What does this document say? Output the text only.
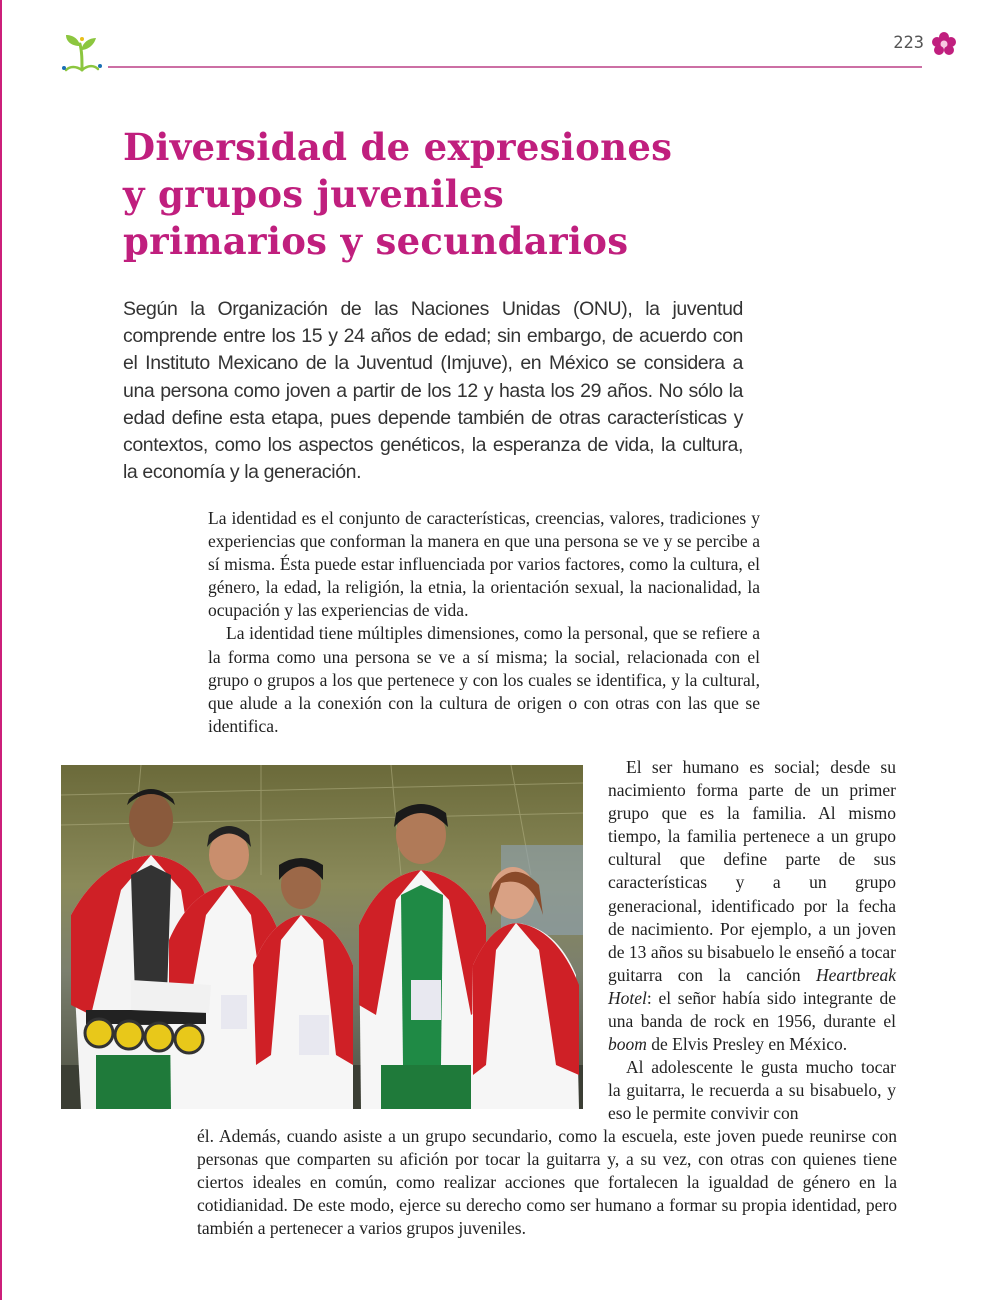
223
Diversidad de expresiones
y grupos juveniles
primarios y secundarios

Según la Organización de las Naciones Unidas (ONU), la juventud comprende entre los 15 y 24 años de edad; sin embargo, de acuerdo con el Instituto Mexicano de la Juventud (Imjuve), en México se considera a una persona como joven a partir de los 12 y hasta los 29 años. No sólo la edad define esta etapa, pues depende también de otras características y contextos, como los aspectos genéticos, la esperanza de vida, la cultura, la economía y la generación.

La identidad es el conjunto de características, creencias, valores, tradiciones y experiencias que conforman la manera en que una persona se ve y se percibe a sí misma. Ésta puede estar influenciada por varios factores, como la cultura, el género, la edad, la religión, la etnia, la orientación sexual, la nacionalidad, la ocupación y las experiencias de vida.

La identidad tiene múltiples dimensiones, como la personal, que se refiere a la forma como una persona se ve a sí misma; la social, relacionada con el grupo o grupos a los que pertenece y con los cuales se identifica, y la cultural, que alude a la conexión con la cultura de origen o con otras con las que se identifica.

El ser humano es social; desde su nacimiento forma parte de un primer grupo que es la familia. Al mismo tiempo, la familia pertenece a un grupo cultural que define parte de sus características y a un grupo generacional, identificado por la fecha de nacimiento. Por ejemplo, a un joven de 13 años su bisabuelo le enseñó a tocar guitarra con la canción Heartbreak Hotel: el señor había sido integrante de una banda de rock en 1956, durante el boom de Elvis Presley en México.

Al adolescente le gusta mucho tocar la guitarra, le recuerda a su bisabuelo, y eso le permite convivir con

él. Además, cuando asiste a un grupo secundario, como la escuela, este joven puede reunirse con personas que comparten su afición por tocar la guitarra y, a su vez, con otras con quienes tiene ciertos ideales en común, como realizar acciones que fortalecen la igualdad de género en la cotidianidad. De este modo, ejerce su derecho como ser humano a formar su propia identidad, pero también a pertenecer a varios grupos juveniles.
